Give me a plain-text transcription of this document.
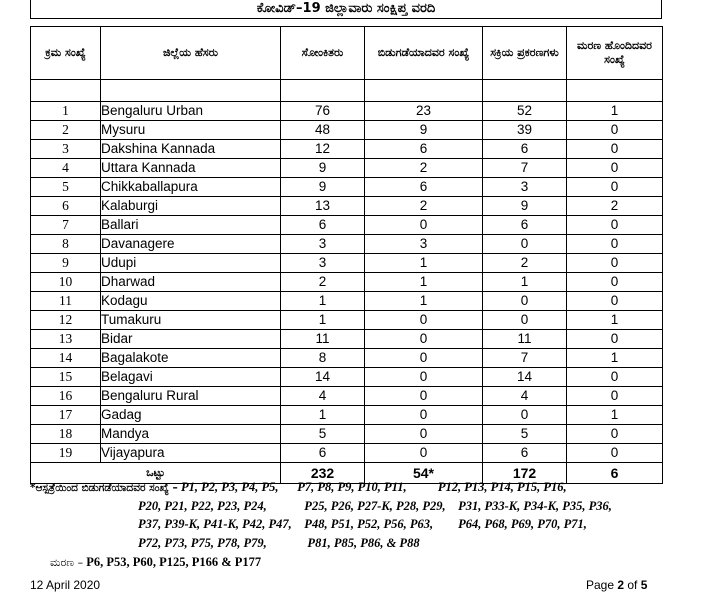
ಕೋವಿಡ್–19 ಜಿಲ್ಲಾವಾರು ಸಂಕ್ಷಿಪ್ತ ವರದಿ
ಕ್ರಮ ಸಂಖ್ಯೆ	ಜಿಲ್ಲೆಯ ಹೆಸರು	ಸೋಂಕಿತರು	ಬಿಡುಗಡೆಯಾದವರ ಸಂಖ್ಯೆ	ಸಕ್ರಿಯ ಪ್ರಕರಣಗಳು	ಮರಣ ಹೊಂದಿದವರ ಸಂಖ್ಯೆ

1	Bengaluru Urban	76	23	52	1
2	Mysuru	48	9	39	0
3	Dakshina Kannada	12	6	6	0
4	Uttara Kannada	9	2	7	0
5	Chikkaballapura	9	6	3	0
6	Kalaburgi	13	2	9	2
7	Ballari	6	0	6	0
8	Davanagere	3	3	0	0
9	Udupi	3	1	2	0
10	Dharwad	2	1	1	0
11	Kodagu	1	1	0	0
12	Tumakuru	1	0	0	1
13	Bidar	11	0	11	0
14	Bagalakote	8	0	7	1
15	Belagavi	14	0	14	0
16	Bengaluru Rural	4	0	4	0
17	Gadag	1	0	0	1
18	Mandya	5	0	5	0
19	Vijayapura	6	0	6	0
ಒಟ್ಟು		232	54*	172	6
*ಆಸ್ಪತ್ರೆಯಿಂದ ಬಿಡುಗಡೆಯಾದವರ ಸಂಖ್ಯೆ – P1, P2, P3, P4, P5,      P7, P8, P9, P10, P11,          P12, P13, P14, P15, P16,
P20, P21, P22, P23, P24,            P25, P26, P27-K, P28, P29,    P31, P33-K, P34-K, P35, P36,
P37, P39-K, P41-K, P42, P47,    P48, P51, P52, P56, P63,        P64, P68, P69, P70, P71,
P72, P73, P75, P78, P79,             P81, P85, P86, & P88
ಮರಣ – P6, P53, P60, P125, P166 & P177
12 April 2020	Page 2 of 5
